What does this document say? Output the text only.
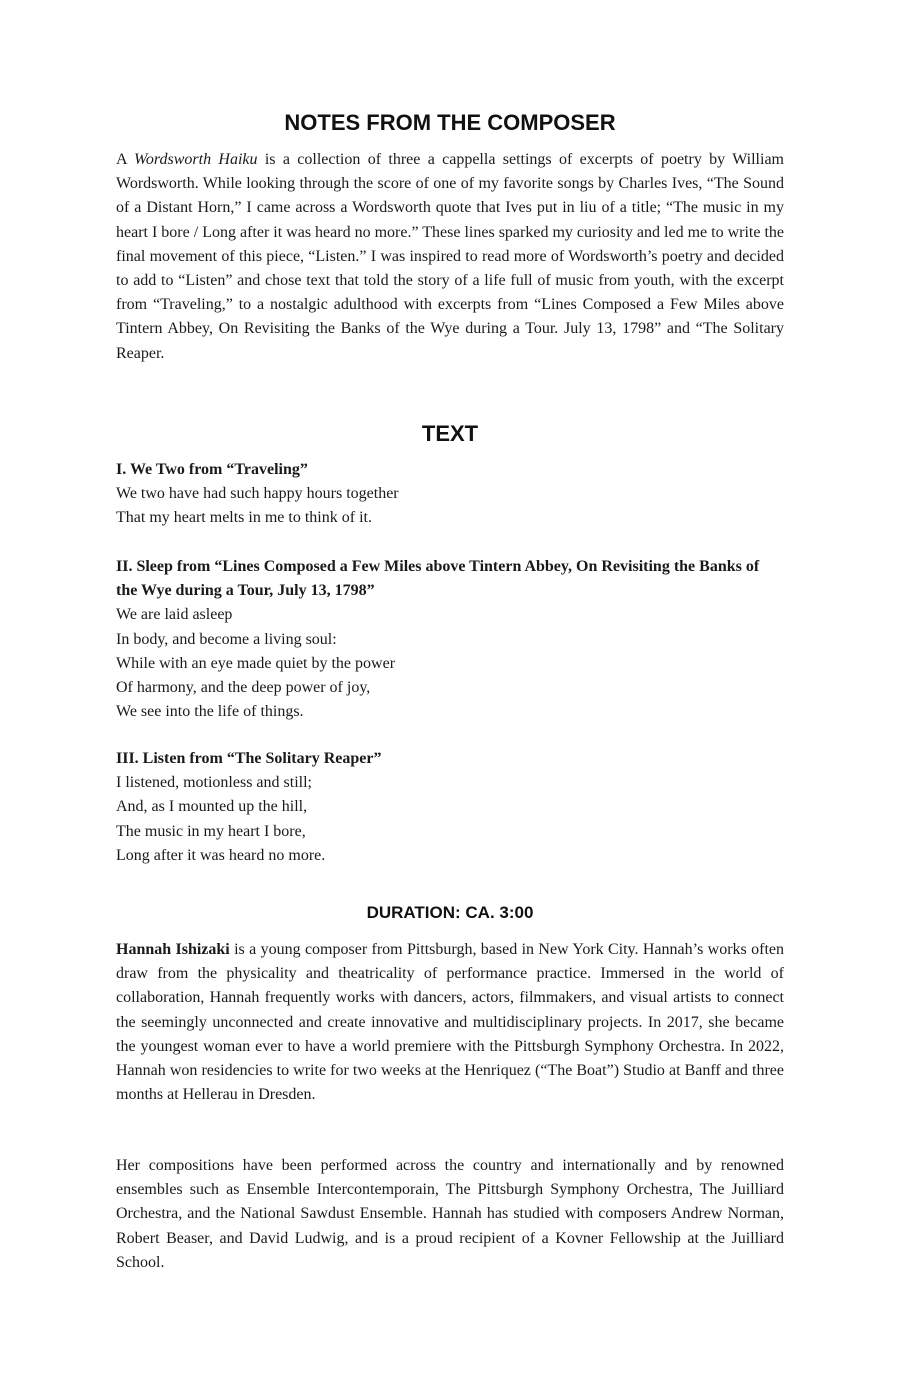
NOTES FROM THE COMPOSER

A Wordsworth Haiku is a collection of three a cappella settings of excerpts of poetry by William Wordsworth. While looking through the score of one of my favorite songs by Charles Ives, “The Sound of a Distant Horn,” I came across a Wordsworth quote that Ives put in liu of a title; “The music in my heart I bore / Long after it was heard no more.” These lines sparked my curiosity and led me to write the final movement of this piece, “Listen.” I was inspired to read more of Wordsworth’s poetry and decided to add to “Listen” and chose text that told the story of a life full of music from youth, with the excerpt from “Traveling,” to a nostalgic adulthood with excerpts from “Lines Composed a Few Miles above Tintern Abbey, On Revisiting the Banks of the Wye during a Tour. July 13, 1798” and “The Solitary Reaper.

TEXT
I. We Two from “Traveling”
We two have had such happy hours together
That my heart melts in me to think of it.
II. Sleep from “Lines Composed a Few Miles above Tintern Abbey, On Revisiting the Banks of the Wye during a Tour, July 13, 1798”
We are laid asleep
In body, and become a living soul:
While with an eye made quiet by the power
Of harmony, and the deep power of joy,
We see into the life of things.
III. Listen from “The Solitary Reaper”
I listened, motionless and still;
And, as I mounted up the hill,
The music in my heart I bore,
Long after it was heard no more.
DURATION: CA. 3:00

Hannah Ishizaki is a young composer from Pittsburgh, based in New York City. Hannah’s works often draw from the physicality and theatricality of performance practice. Immersed in the world of collaboration, Hannah frequently works with dancers, actors, filmmakers, and visual artists to connect the seemingly unconnected and create innovative and multidisciplinary projects. In 2017, she became the youngest woman ever to have a world premiere with the Pittsburgh Symphony Orchestra. In 2022, Hannah won residencies to write for two weeks at the Henriquez (“The Boat”) Studio at Banff and three months at Hellerau in Dresden.

Her compositions have been performed across the country and internationally and by renowned ensembles such as Ensemble Intercontemporain, The Pittsburgh Symphony Orchestra, The Juilliard Orchestra, and the National Sawdust Ensemble. Hannah has studied with composers Andrew Norman, Robert Beaser, and David Ludwig, and is a proud recipient of a Kovner Fellowship at the Juilliard School.
